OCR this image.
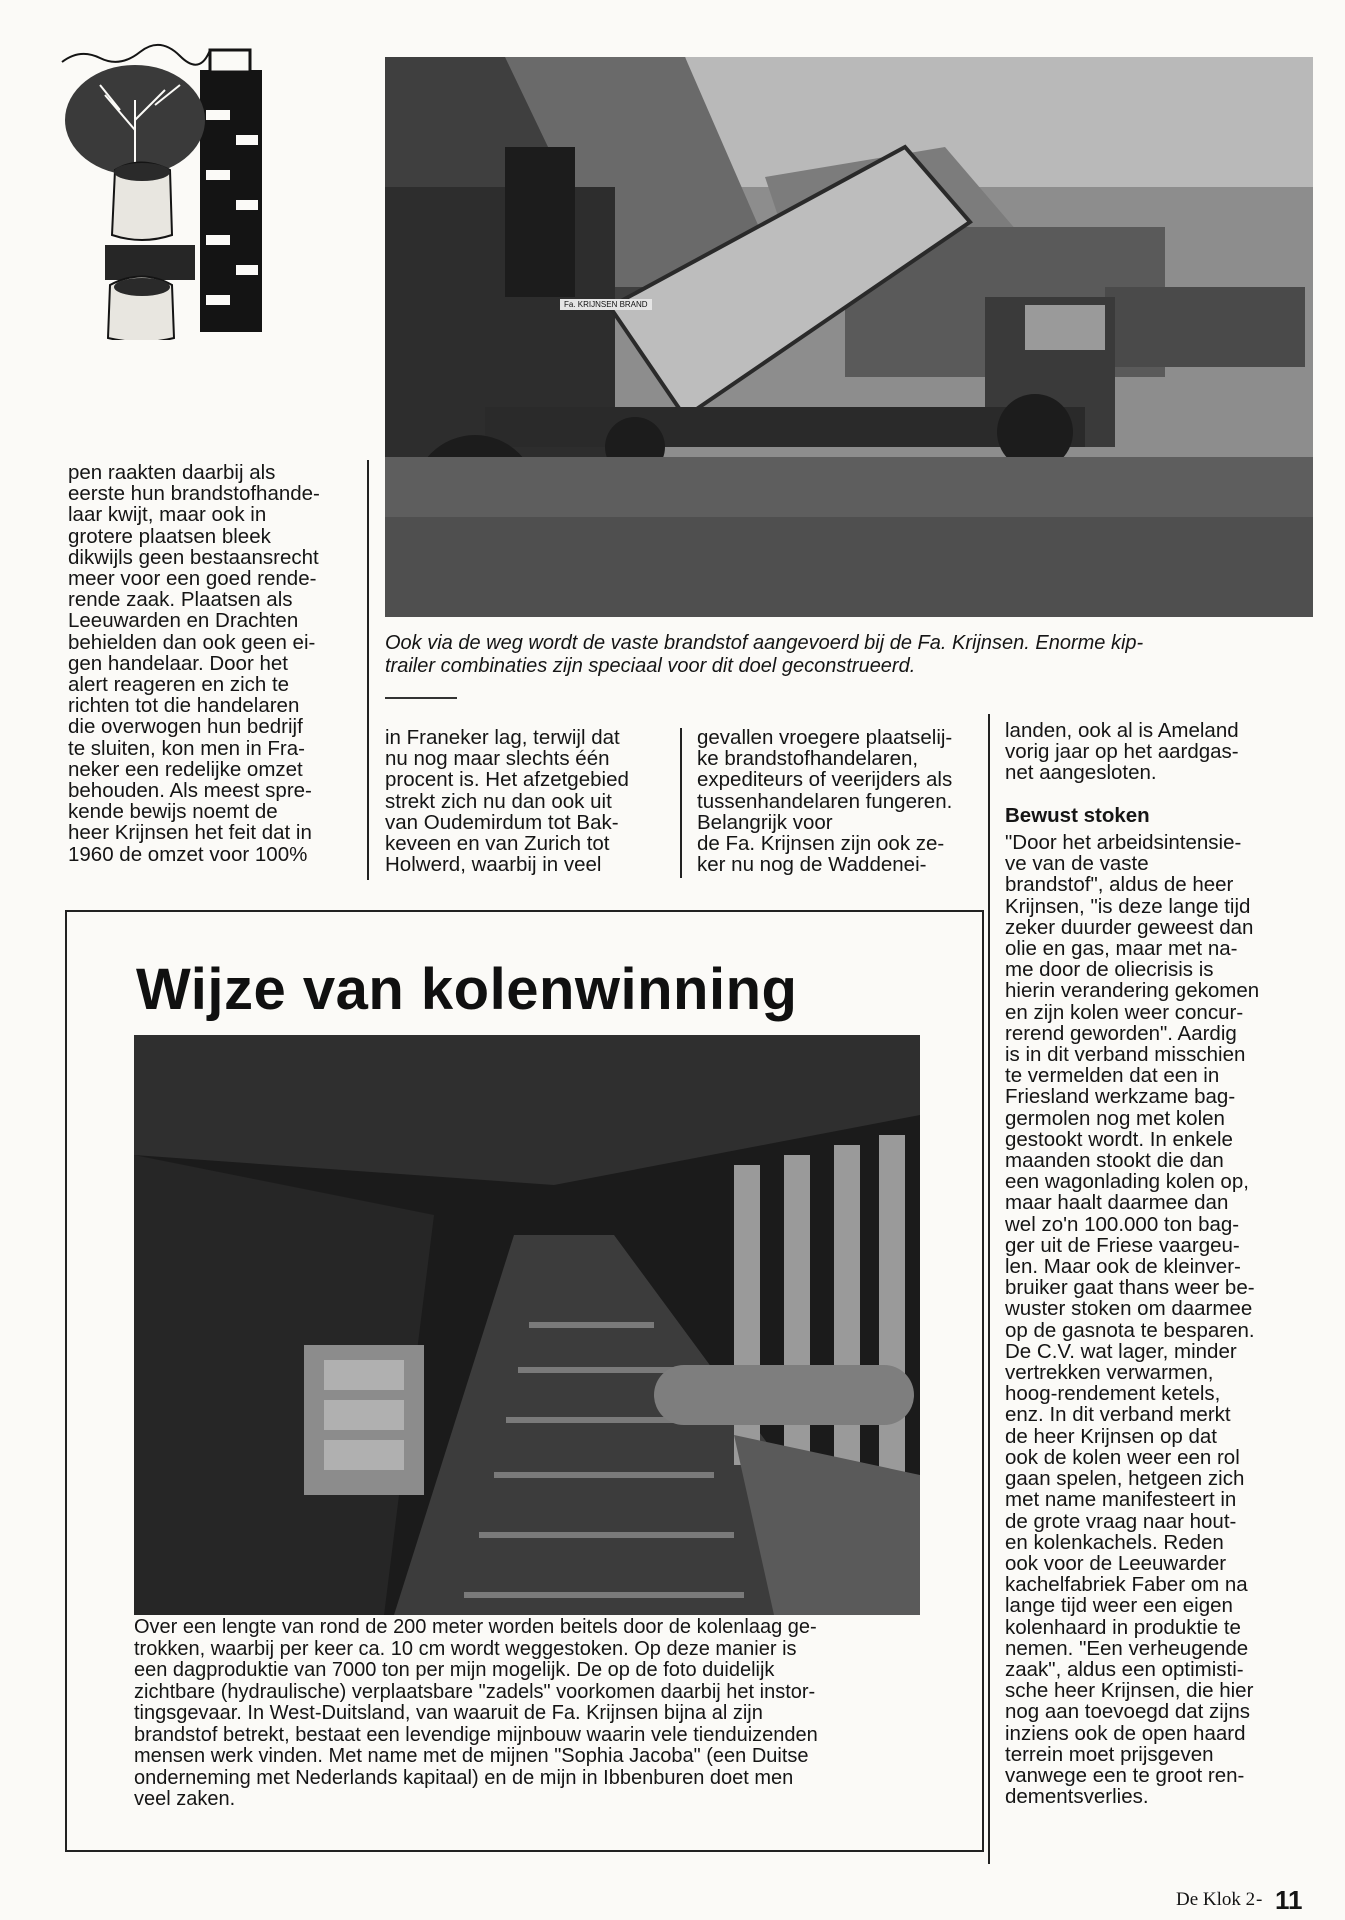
Fa. KRIJNSEN BRAND
Ook via de weg wordt de vaste brandstof aangevoerd bij de Fa. Krijnsen. Enorme kip-
trailer combinaties zijn speciaal voor dit doel geconstrueerd.
pen raakten daarbij als
eerste hun brandstofhande-
laar kwijt, maar ook in
grotere plaatsen bleek
dikwijls geen bestaansrecht
meer voor een goed rende-
rende zaak. Plaatsen als
Leeuwarden en Drachten
behielden dan ook geen ei-
gen handelaar. Door het
alert reageren en zich te
richten tot die handelaren
die overwogen hun bedrijf
te sluiten, kon men in Fra-
neker een redelijke omzet
behouden. Als meest spre-
kende bewijs noemt de
heer Krijnsen het feit dat in
1960 de omzet voor 100%
in Franeker lag, terwijl dat
nu nog maar slechts één
procent is. Het afzetgebied
strekt zich nu dan ook uit
van Oudemirdum tot Bak-
keveen en van Zurich tot
Holwerd, waarbij in veel
gevallen vroegere plaatselij-
ke brandstofhandelaren,
expediteurs of veerijders als
tussenhandelaren fungeren.
Belangrijk voor
de Fa. Krijnsen zijn ook ze-
ker nu nog de Waddenei-
landen, ook al is Ameland
vorig jaar op het aardgas-
net aangesloten.
Bewust stoken
"Door het arbeidsintensie-
ve van de vaste
brandstof", aldus de heer
Krijnsen, "is deze lange tijd
zeker duurder geweest dan
olie en gas, maar met na-
me door de oliecrisis is
hierin verandering gekomen
en zijn kolen weer concur-
rerend geworden". Aardig
is in dit verband misschien
te vermelden dat een in
Friesland werkzame bag-
germolen nog met kolen
gestookt wordt. In enkele
maanden stookt die dan
een wagonlading kolen op,
maar haalt daarmee dan
wel zo'n 100.000 ton bag-
ger uit de Friese vaargeu-
len. Maar ook de kleinver-
bruiker gaat thans weer be-
wuster stoken om daarmee
op de gasnota te besparen.
De C.V. wat lager, minder
vertrekken verwarmen,
hoog-rendement ketels,
enz. In dit verband merkt
de heer Krijnsen op dat
ook de kolen weer een rol
gaan spelen, hetgeen zich
met name manifesteert in
de grote vraag naar hout-
en kolenkachels. Reden
ook voor de Leeuwarder
kachelfabriek Faber om na
lange tijd weer een eigen
kolenhaard in produktie te
nemen. "Een verheugende
zaak", aldus een optimisti-
sche heer Krijnsen, die hier
nog aan toevoegd dat zijns
inziens ook de open haard
terrein moet prijsgeven
vanwege een te groot ren-
dementsverlies.
Wijze van kolenwinning
Over een lengte van rond de 200 meter worden beitels door de kolenlaag ge-
trokken, waarbij per keer ca. 10 cm wordt weggestoken. Op deze manier is
een dagproduktie van 7000 ton per mijn mogelijk. De op de foto duidelijk
zichtbare (hydraulische) verplaatsbare "zadels" voorkomen daarbij het instor-
tingsgevaar. In West-Duitsland, van waaruit de Fa. Krijnsen bijna al zijn
brandstof betrekt, bestaat een levendige mijnbouw waarin vele tienduizenden
mensen werk vinden. Met name met de mijnen "Sophia Jacoba" (een Duitse
onderneming met Nederlands kapitaal) en de mijn in Ibbenburen doet men
veel zaken.
De Klok 2 - 11
